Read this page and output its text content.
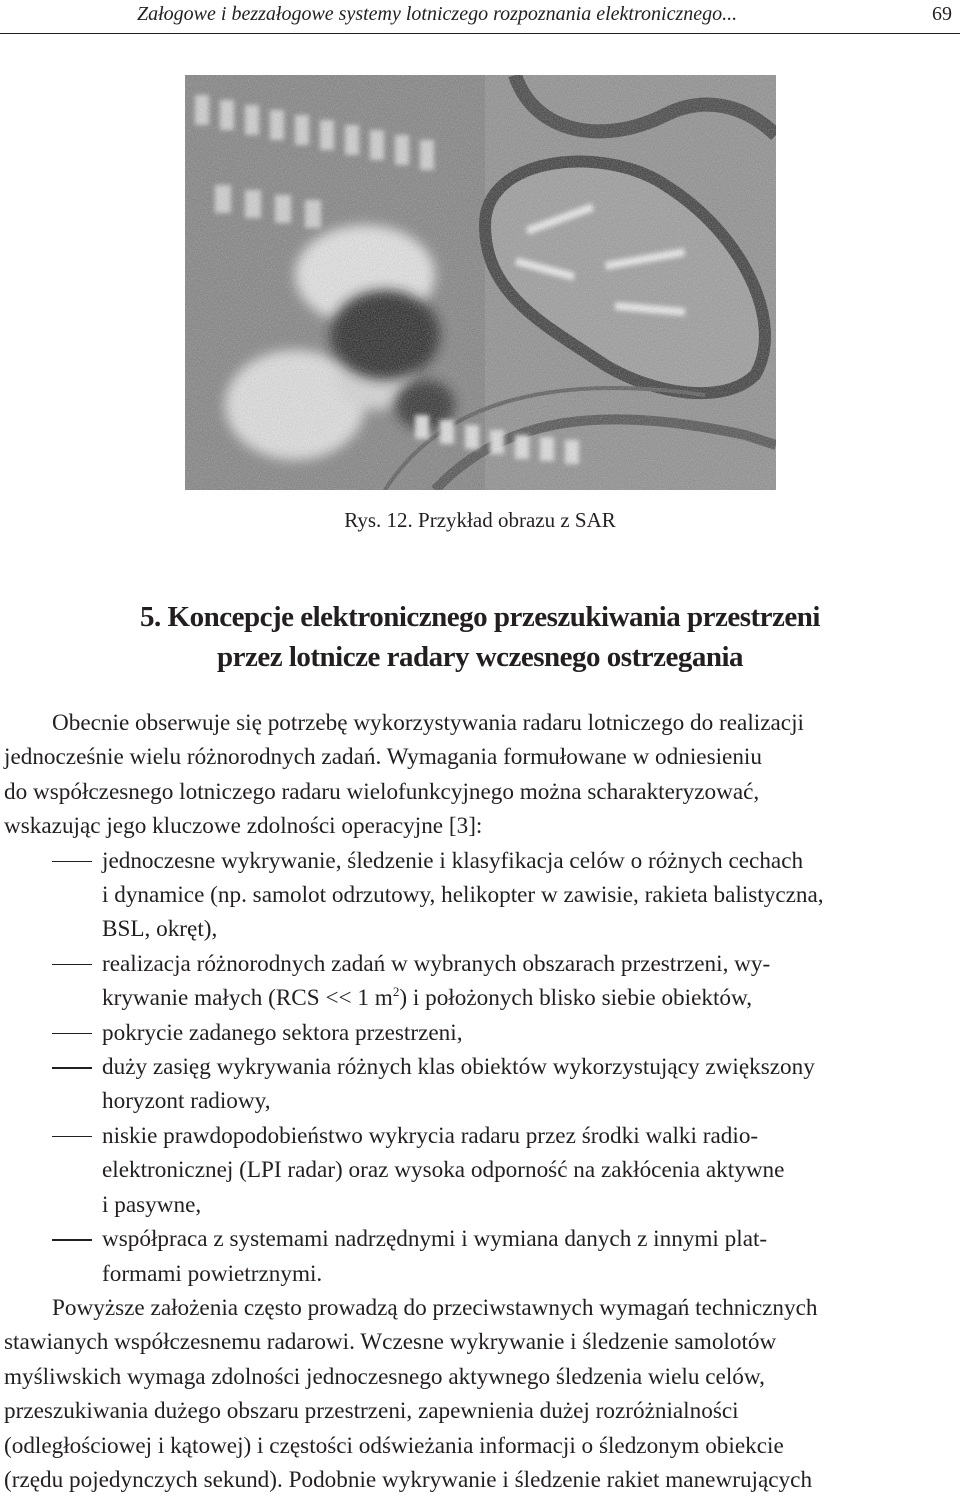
Załogowe i bezzałogowe systemy lotniczego rozpoznania elektronicznego...	69
Rys. 12. Przykład obrazu z SAR
5. Koncepcje elektronicznego przeszukiwania przestrzeni
przez lotnicze radary wczesnego ostrzegania
Obecnie obserwuje się potrzebę wykorzystywania radaru lotniczego do realizacji
jednocześnie wielu różnorodnych zadań. Wymagania formułowane w odniesieniu
do współczesnego lotniczego radaru wielofunkcyjnego można scharakteryzować,
wskazując jego kluczowe zdolności operacyjne [3]:
jednoczesne wykrywanie, śledzenie i klasyfikacja celów o różnych cechach
i dynamice (np. samolot odrzutowy, helikopter w zawisie, rakieta balistyczna,
BSL, okręt),
realizacja różnorodnych zadań w wybranych obszarach przestrzeni, wy-
krywanie małych (RCS << 1 $m^2$) i położonych blisko siebie obiektów,
pokrycie zadanego sektora przestrzeni,
duży zasięg wykrywania różnych klas obiektów wykorzystujący zwiększony
horyzont radiowy,
niskie prawdopodobieństwo wykrycia radaru przez środki walki radio-
elektronicznej (LPI radar) oraz wysoka odporność na zakłócenia aktywne
i pasywne,
współpraca z systemami nadrzędnymi i wymiana danych z innymi plat-
formami powietrznymi.
Powyższe założenia często prowadzą do przeciwstawnych wymagań technicznych
stawianych współczesnemu radarowi. Wczesne wykrywanie i śledzenie samolotów
myśliwskich wymaga zdolności jednoczesnego aktywnego śledzenia wielu celów,
przeszukiwania dużego obszaru przestrzeni, zapewnienia dużej rozróżnialności
(odległościowej i kątowej) i częstości odświeżania informacji o śledzonym obiekcie
(rzędu pojedynczych sekund). Podobnie wykrywanie i śledzenie rakiet manewrujących
